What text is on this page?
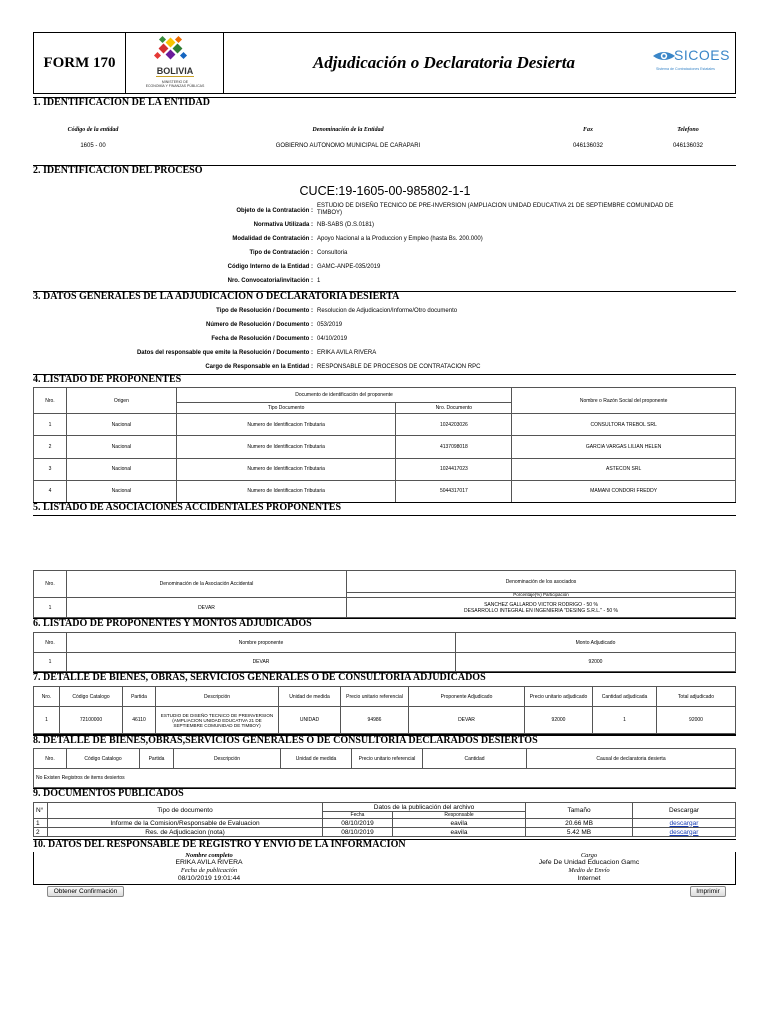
FORM 170
BOLIVIA
MINISTERIO DE
ECONOMÍA Y FINANZAS PÚBLICAS
Adjudicación o Declaratoria Desierta	SICOES
Sistema de Contrataciones Estatales
1. IDENTIFICACIÓN DE LA ENTIDAD
Código de la entidad	Denominación de la Entidad	Fax	Telefono
1605 - 00	GOBIERNO AUTONOMO MUNICIPAL DE CARAPARI	046136032	046136032
2. IDENTIFICACIÓN DEL PROCESO
CUCE:19-1605-00-985802-1-1
Objeto de la Contratación :
ESTUDIO DE DISEÑO TECNICO DE PRE-INVERSION (AMPLIACION UNIDAD EDUCATIVA 21 DE SEPTIEMBRE COMUNIDAD DE
TIMBOY)
Normativa Utilizada : NB-SABS (D.S.0181)
Modalidad de Contratación : Apoyo Nacional a la Produccion y Empleo (hasta Bs. 200.000)
Tipo de Contratación : Consultoria
Código Interno de la Entidad : GAMC-ANPE-035/2019
Nro. Convocatoria/invitación : 1
3. DATOS GENERALES DE LA ADJUDICACION O DECLARATORIA DESIERTA
Tipo de Resolución / Documento : Resolucion de Adjudicacion/Informe/Otro documento
Número de Resolución / Documento : 053/2019
Fecha de Resolución / Documento : 04/10/2019
Datos del responsable que emite la Resolución / Documento : ERIKA AVILA RIVERA
Cargo de Responsable en la Entidad : RESPONSABLE DE PROCESOS DE CONTRATACION RPC
4. LISTADO DE PROPONENTES
Nro.	Origen	Documento de identificación del proponente		Nombre o Razón Social del proponente
		Tipo Documento	Nro. Documento	
1	Nacional	Numero de Identificacion Tributaria	1024203026	CONSULTORA TREBOL SRL
2	Nacional	Numero de Identificacion Tributaria	4137098018	GARCIA VARGAS LILIAN HELEN
3	Nacional	Numero de Identificacion Tributaria	1024417023	ASTECON SRL
4	Nacional	Numero de Identificacion Tributaria	5044317017	MAMANI CONDORI FREDDY
5. LISTADO DE ASOCIACIONES ACCIDENTALES PROPONENTES
Nro.	Denominación de la Asociación Accidental	Denominación de los asociados
		Porcentaje(%) Participación
1	DEVAR	SANCHEZ GALLARDO VICTOR RODRIGO - 50 %
DESARROLLO INTEGRAL EN INGENIERIA "DESING S.R.L." - 50 %
6. LISTADO DE PROPONENTES Y MONTOS ADJUDICADOS
Nro.	Nombre proponente	Monto Adjudicado
1	DEVAR	92000
7. DETALLE DE BIENES, OBRAS, SERVICIOS GENERALES O DE CONSULTORIA ADJUDICADOS
Nro.	Código Catalogo	Partida	Descripción	Unidad de medida	Precio unitario referencial	Proponente Adjudicado	Precio unitario adjudicado	Cantidad adjudicada	Total adjudicado
1	72100000	46110	ESTUDIO DE DISEÑO TECNICO DE PREINVERSION (AMPLIACION UNIDAD EDUCATIVA 21 DE SEPTIEMBRE COMUNIDAD DE TIMBOY)	UNIDAD	94986	DEVAR	92000	1	92000
8. DETALLE DE BIENES,OBRAS,SERVICIOS GENERALES O DE CONSULTORIA DECLARADOS DESIERTOS
Nro.	Código Catalogo	Partida	Descripción	Unidad de medida	Precio unitario referencial	Cantidad	Causal de declaratoria desierta
No Existen Registros de items desiertos
9. DOCUMENTOS PUBLICADOS
N°	Tipo de documento	Datos de la publicación del archivo		Tamaño	Descargar
		Fecha	Responsable		
1	Informe de la Comision/Responsable de Evaluacion	08/10/2019	eavila	20.66 MB	descargar
2	Res. de Adjudicacion (nota)	08/10/2019	eavila	5.42 MB	descargar
10. DATOS DEL RESPONSABLE DE REGISTRO Y ENVÍO DE LA INFORMACIÓN
Nombre completo
ERIKA AVILA RIVERA
Fecha de publicación
08/10/2019 19:01:44
Cargo
Jefe De Unidad Educacion Gamc
Medio de Envío
Internet
Obtener Confirmación	Imprimir
